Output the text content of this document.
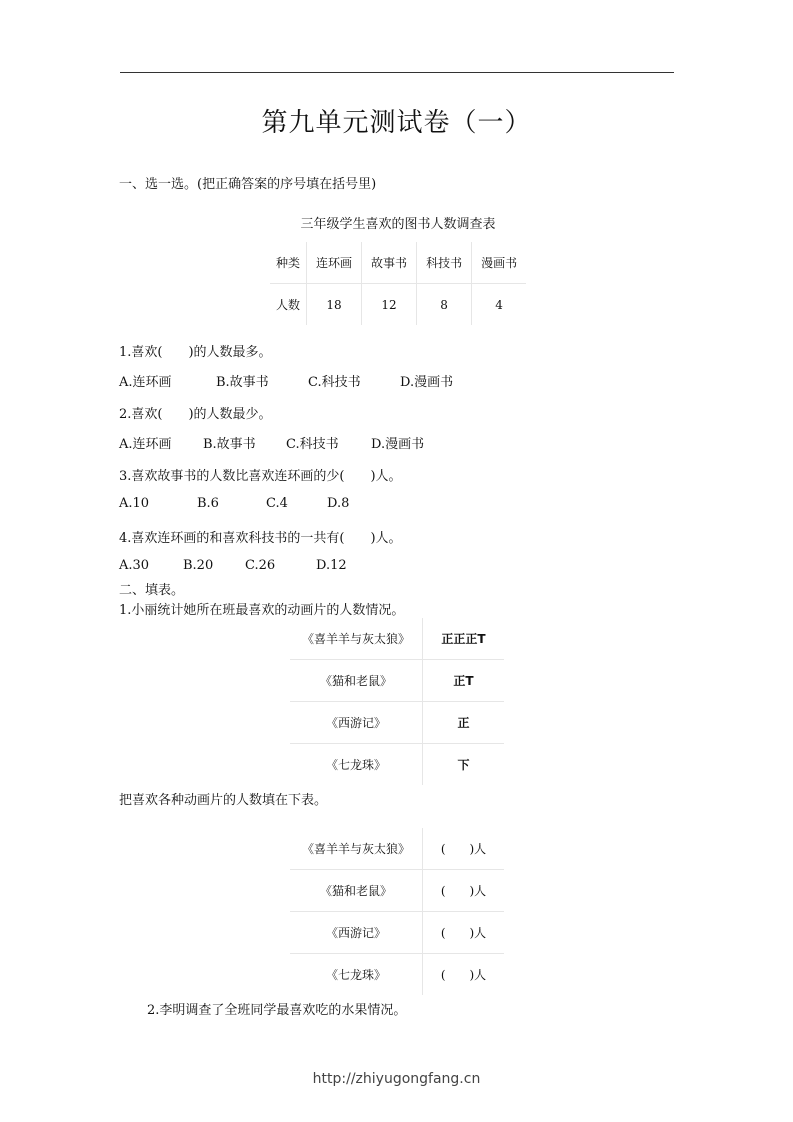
第九单元测试卷（一）
一、选一选。(把正确答案的序号填在括号里)
三年级学生喜欢的图书人数调查表
种类	连环画	故事书	科技书	漫画书
人数	18	12	8	4
1.喜欢(　　)的人数最多。
A.连环画	B.故事书	C.科技书	D.漫画书
2.喜欢(　　)的人数最少。
A.连环画 B.故事书 C.科技书 D.漫画书
3.喜欢故事书的人数比喜欢连环画的少(　　)人。
A.10	B.6	C.4	D.8
4.喜欢连环画的和喜欢科技书的一共有(　　)人。
A.30	B.20 C.26	D.12
二、填表。
1.小丽统计她所在班最喜欢的动画片的人数情况。
《喜羊羊与灰太狼》	正正正T
《猫和老鼠》	正T
《西游记》	正
《七龙珠》	下
把喜欢各种动画片的人数填在下表。
《喜羊羊与灰太狼》	(　　)人
《猫和老鼠》	(　　)人
《西游记》	(　　)人
《七龙珠》	(　　)人
2.李明调查了全班同学最喜欢吃的水果情况。
http://zhiyugongfang.cn
